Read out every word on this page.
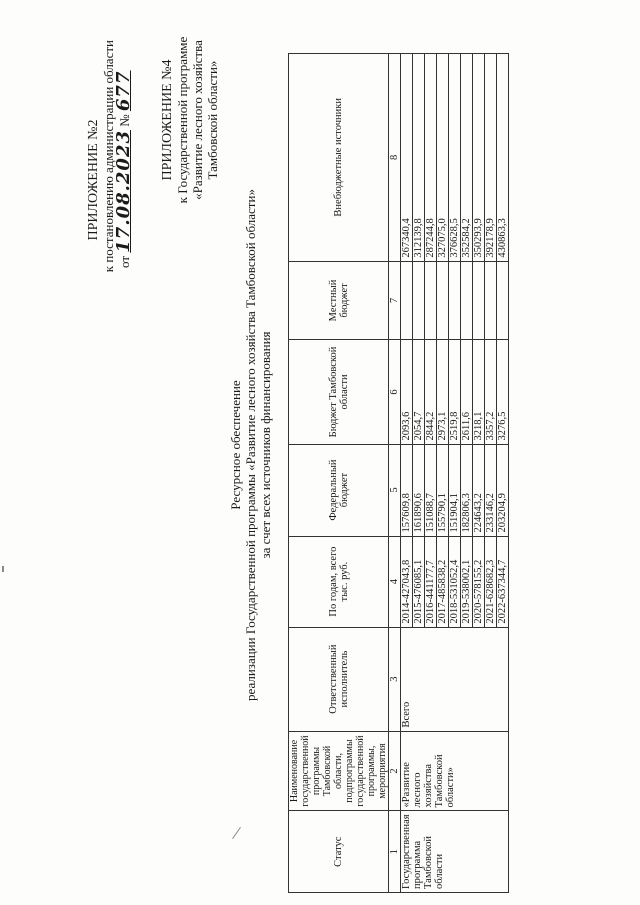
ПРИЛОЖЕНИЕ №2 к постановлению администрации области от 17.08.2023 № 677 ПРИЛОЖЕНИЕ №4 к Государственной программе «Развитие лесного хозяйства Тамбовской области»
Ресурсное обеспечение реализации Государственной программы «Развитие лесного хозяйства Тамбовской области» за счет всех источников финансирования
Статус	Наименование государственной программы Тамбовской области, подпрограммы государственной программы, мероприятия	Ответственный исполнитель	По годам, всего тыс. руб.	Федеральный бюджет	Бюджет Тамбовской области	Местный бюджет	Внебюджетные источники
1	2	3	4	5	6	7	8
Государственная программа Тамбовской области	«Развитие лесного хозяйства Тамбовской области»	Всего	2014-427043,8	157609,8	2093,6		267340,4
			2015-476085,1	161890,6	2054,7		312139,8
			2016-441177,7	151088,7	2844,2		287244,8
			2017-485838,2	155790,1	2973,1		327075,0
			2018-531052,4	151904,1	2519,8		376628,5
			2019-538002,1	182806,3	2611,6		352584,2
			2020-578155,2	224643,2	3218,1		350293,9
			2021-628682,3	233146,2	3357,2		392178,9
			2022-637344,7	203204,9	3276,5		430863,3
